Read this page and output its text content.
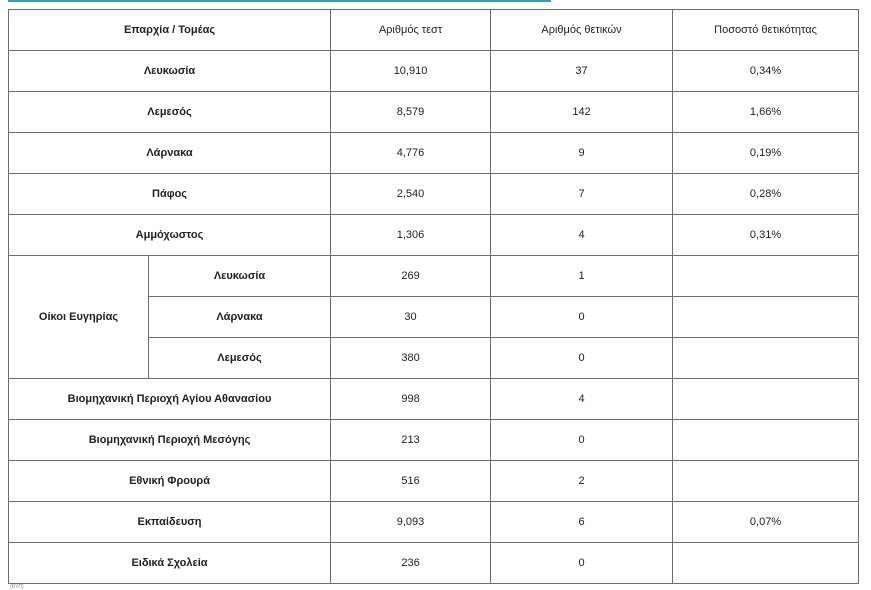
Επαρχία / Τομέας		Αριθμός τεστ	Αριθμός θετικών	Ποσοστό θετικότητας
Λευκωσία		10,910	37	0,34%
Λεμεσός		8,579	142	1,66%
Λάρνακα		4,776	9	0,19%
Πάφος		2,540	7	0,28%
Αμμόχωστος		1,306	4	0,31%
Οίκοι Ευγηρίας	Λευκωσία	269	1	
	Λάρνακα	30	0	
	Λεμεσός	380	0	
Βιομηχανική Περιοχή Αγίου Αθανασίου		998	4	
Βιομηχανική Περιοχή Μεσόγης		213	0	
Εθνική Φρουρά		516	2	
Εκπαίδευση		9,093	6	0,07%
Ειδικά Σχολεία		236	0	
(ΚΥΠ)
